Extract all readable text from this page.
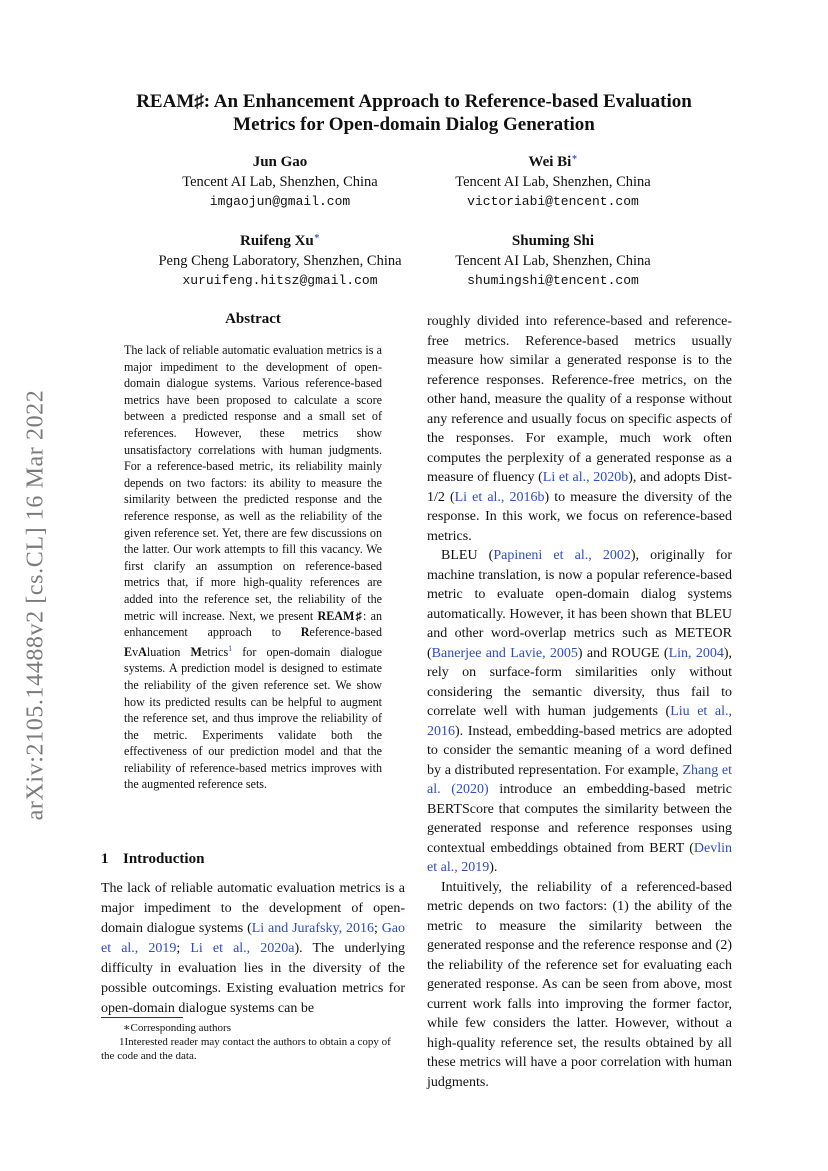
arXiv:2105.14488v2 [cs.CL] 16 Mar 2022
REAM♯: An Enhancement Approach to Reference-based Evaluation
Metrics for Open-domain Dialog Generation
Jun Gao
Tencent AI Lab, Shenzhen, China
imgaojun@gmail.com
Wei Bi∗
Tencent AI Lab, Shenzhen, China
victoriabi@tencent.com
Ruifeng Xu∗
Peng Cheng Laboratory, Shenzhen, China
xuruifeng.hitsz@gmail.com
Shuming Shi
Tencent AI Lab, Shenzhen, China
shumingshi@tencent.com
Abstract

The lack of reliable automatic evaluation metrics is a major impediment to the development of open-domain dialogue systems. Various reference-based metrics have been proposed to calculate a score between a predicted response and a small set of references. However, these metrics show unsatisfactory correlations with human judgments. For a reference-based metric, its reliability mainly depends on two factors: its ability to measure the similarity between the predicted response and the reference response, as well as the reliability of the given reference set. Yet, there are few discussions on the latter. Our work attempts to fill this vacancy. We first clarify an assumption on reference-based metrics that, if more high-quality references are added into the reference set, the reliability of the metric will increase. Next, we present REAM♯: an enhancement approach to Reference-based EvAluation Metrics$^1$ for open-domain dialogue systems. A prediction model is designed to estimate the reliability of the given reference set. We show how its predicted results can be helpful to augment the reference set, and thus improve the reliability of the metric. Experiments validate both the effectiveness of our prediction model and that the reliability of reference-based metrics improves with the augmented reference sets.

1 Introduction

The lack of reliable automatic evaluation metrics is a major impediment to the development of open-domain dialogue systems (Li and Jurafsky, 2016; Gao et al., 2019; Li et al., 2020a). The underlying difficulty in evaluation lies in the diversity of the possible outcomings. Existing evaluation metrics for open-domain dialogue systems can be

∗Corresponding authors

1Interested reader may contact the authors to obtain a copy of the code and the data.

roughly divided into reference-based and reference-free metrics. Reference-based metrics usually measure how similar a generated response is to the reference responses. Reference-free metrics, on the other hand, measure the quality of a response without any reference and usually focus on specific aspects of the responses. For example, much work often computes the perplexity of a generated response as a measure of fluency (Li et al., 2020b), and adopts Dist-1/2 (Li et al., 2016b) to measure the diversity of the response. In this work, we focus on reference-based metrics.

BLEU (Papineni et al., 2002), originally for machine translation, is now a popular reference-based metric to evaluate open-domain dialog systems automatically. However, it has been shown that BLEU and other word-overlap metrics such as METEOR (Banerjee and Lavie, 2005) and ROUGE (Lin, 2004), rely on surface-form similarities only without considering the semantic diversity, thus fail to correlate well with human judgements (Liu et al., 2016). Instead, embedding-based metrics are adopted to consider the semantic meaning of a word defined by a distributed representation. For example, Zhang et al. (2020) introduce an embedding-based metric BERTScore that computes the similarity between the generated response and reference responses using contextual embeddings obtained from BERT (Devlin et al., 2019).

Intuitively, the reliability of a referenced-based metric depends on two factors: (1) the ability of the metric to measure the similarity between the generated response and the reference response and (2) the reliability of the reference set for evaluating each generated response. As can be seen from above, most current work falls into improving the former factor, while few considers the latter. However, without a high-quality reference set, the results obtained by all these metrics will have a poor correlation with human judgments.
